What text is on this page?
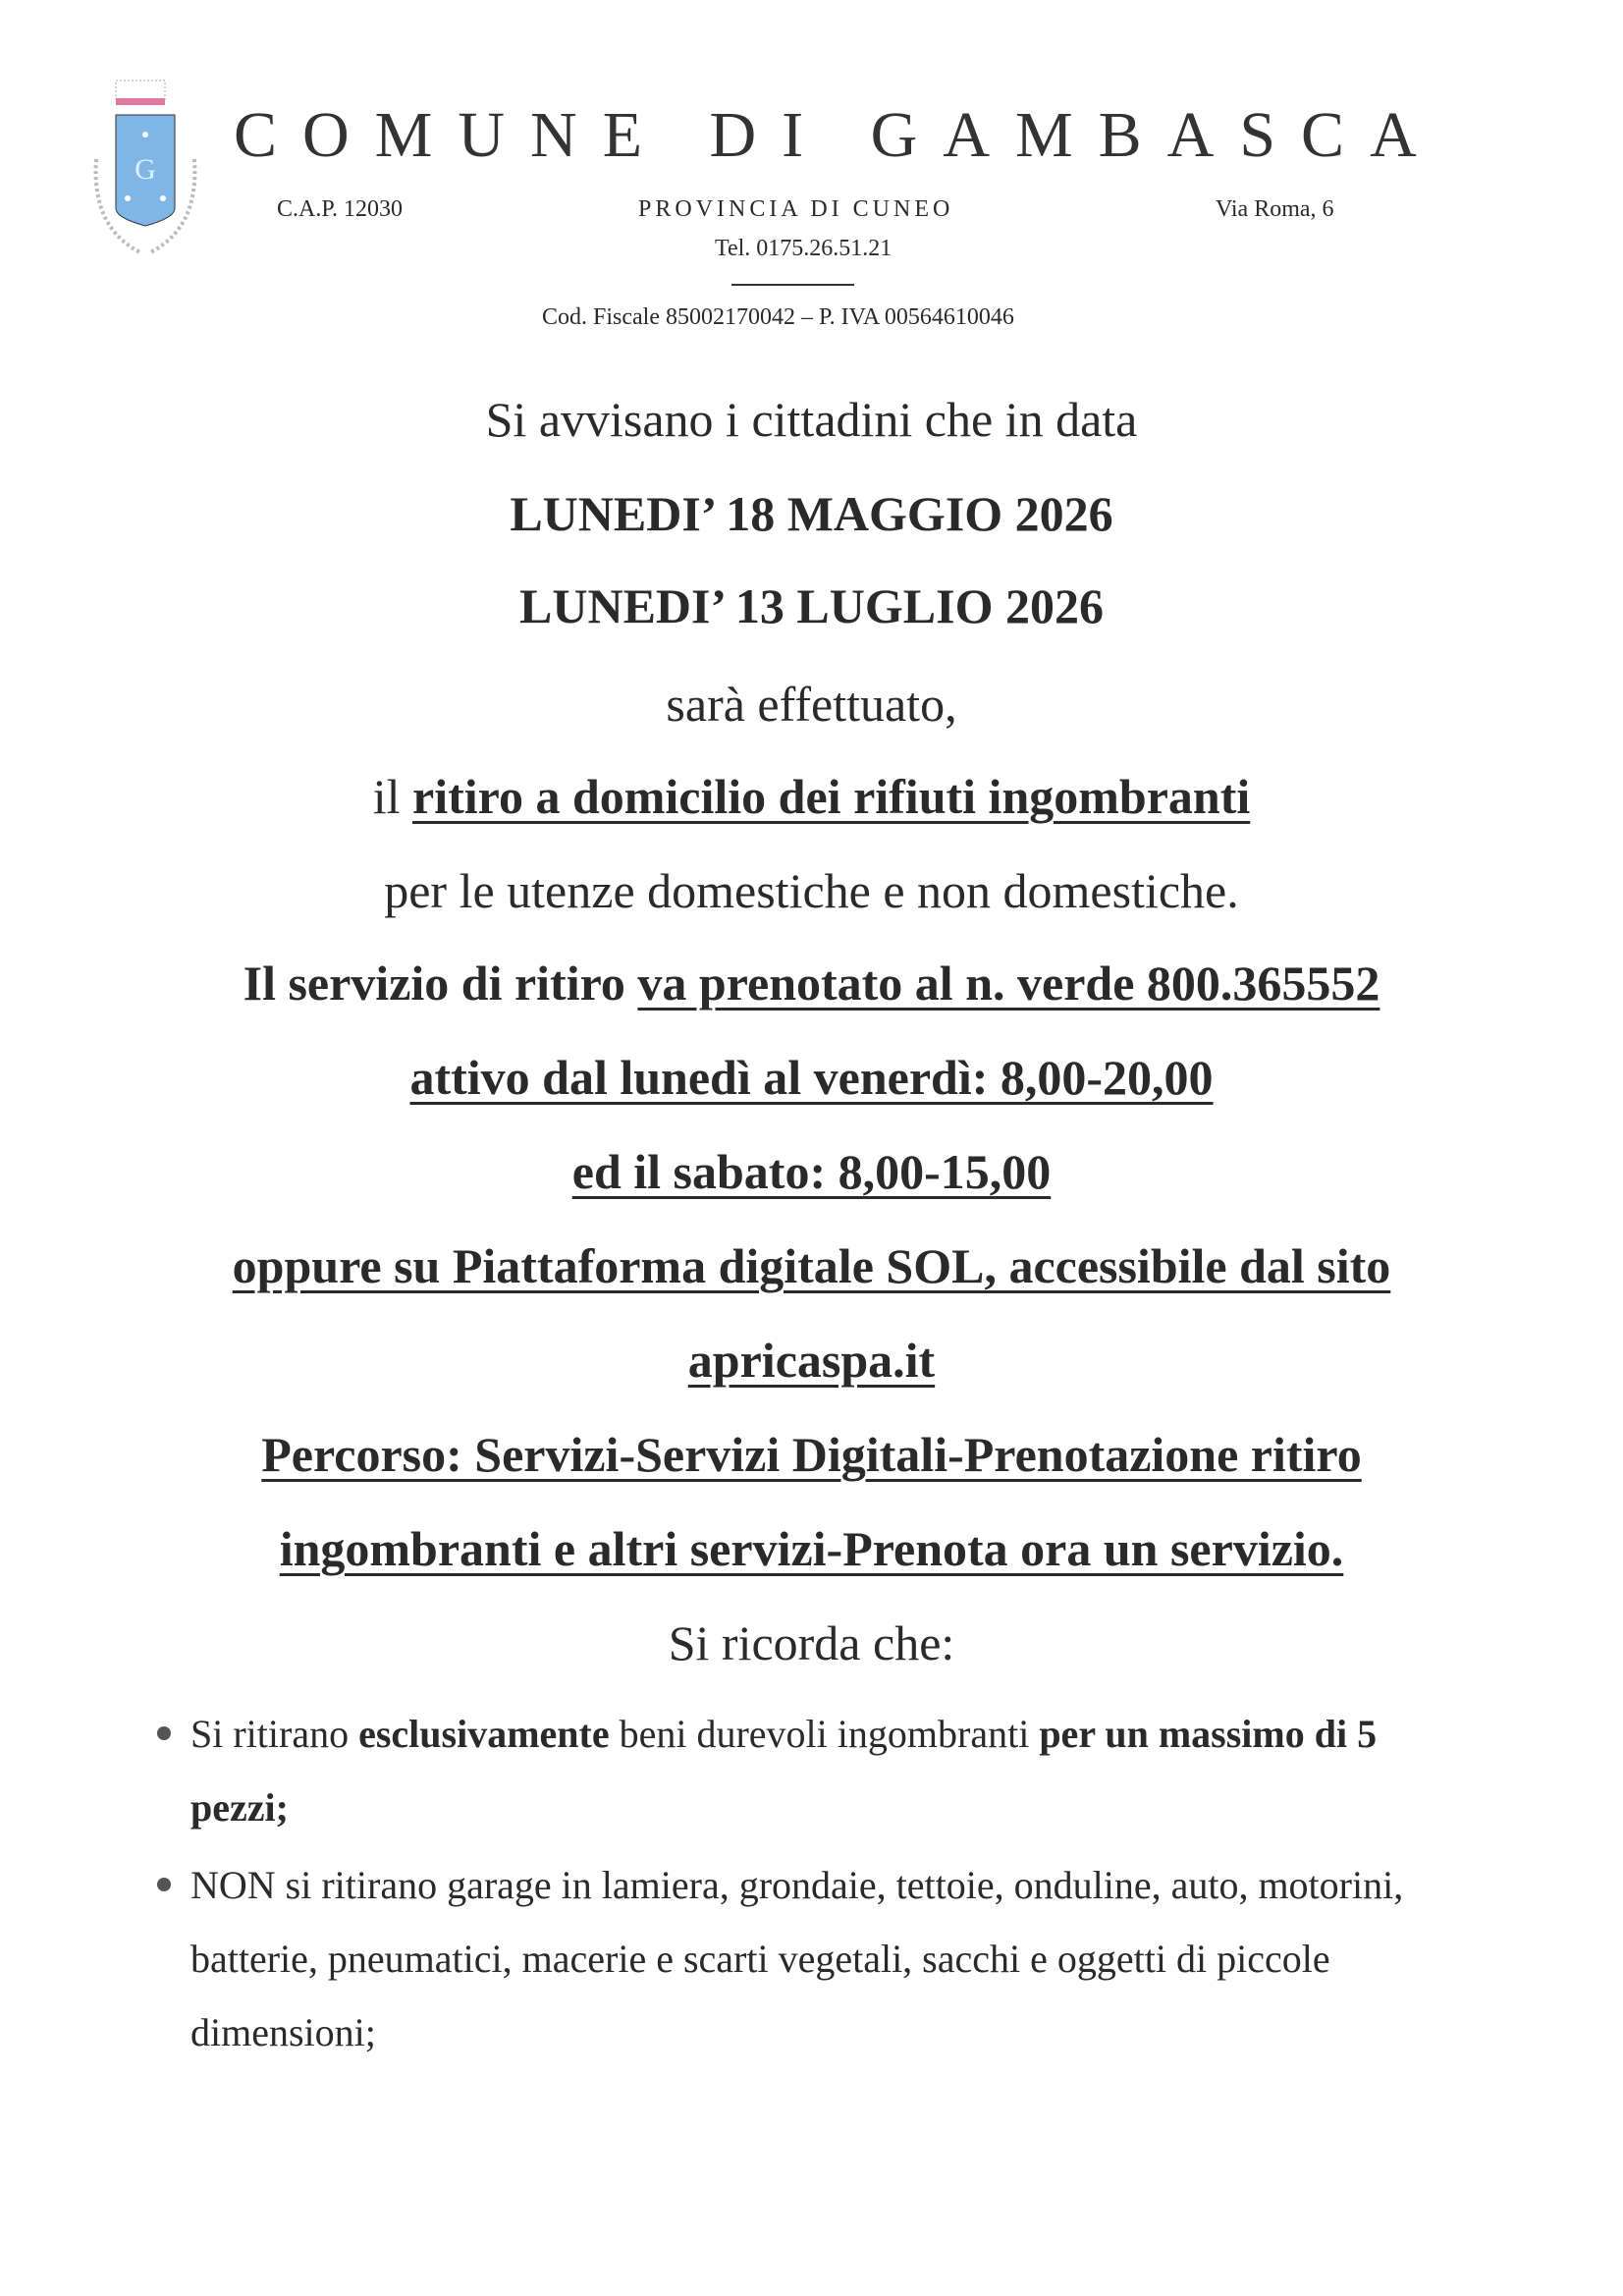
G COMUNE DI GAMBASCA
C.A.P. 12030	PROVINCIA DI CUNEO	Via Roma, 6
Tel. 0175.26.51.21
Cod. Fiscale 85002170042 – P. IVA 00564610046
Si avvisano i cittadini che in data
LUNEDI’ 18 MAGGIO 2026
LUNEDI’ 13 LUGLIO 2026
sarà effettuato,
il ritiro a domicilio dei rifiuti ingombranti
per le utenze domestiche e non domestiche.
Il servizio di ritiro va prenotato al n. verde 800.365552
attivo dal lunedì al venerdì: 8,00-20,00
ed il sabato: 8,00-15,00
oppure su Piattaforma digitale SOL, accessibile dal sito
apricaspa.it
Percorso: Servizi-Servizi Digitali-Prenotazione ritiro
ingombranti e altri servizi-Prenota ora un servizio.
Si ricorda che:
Si ritirano esclusivamente beni durevoli ingombranti per un massimo di 5 pezzi;
NON si ritirano garage in lamiera, grondaie, tettoie, onduline, auto, motorini, batterie, pneumatici, macerie e scarti vegetali, sacchi e oggetti di piccole dimensioni;
